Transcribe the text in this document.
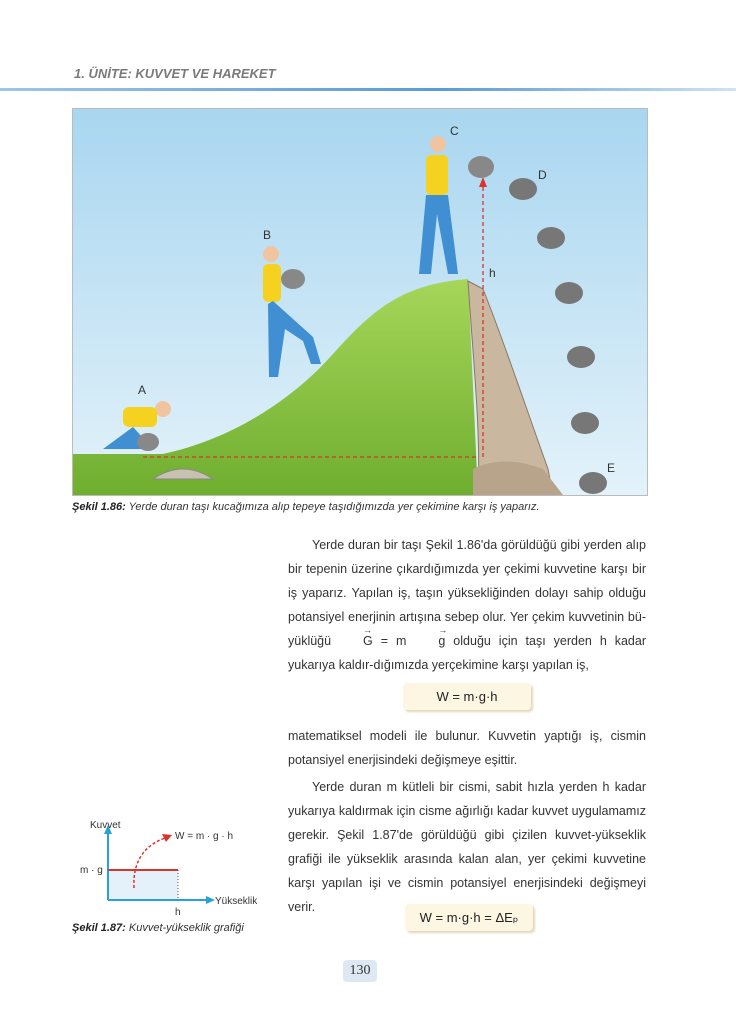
1. ÜNİTE: KUVVET VE HAREKET
A
B
C
D
E
h
Şekil 1.86: Yerde duran taşı kucağımıza alıp tepeye taşıdığımızda yer çekimine karşı iş yaparız.

Yerde duran bir taşı Şekil 1.86'da görüldüğü gibi yerden alıp bir tepenin üzerine çıkardığımızda yer çekimi kuvvetine karşı bir iş yaparız. Yapılan iş, taşın yüksekliğinden dolayı sahip olduğu potansiyel enerjinin artışına sebep olur. Yer çekim kuvvetinin bü- yüklüğü → G = m → g olduğu için taşı yerden h kadar yukarıya kaldır-dığımızda yerçekimine karşı yapılan iş,

W = m·g·h

matematiksel modeli ile bulunur. Kuvvetin yaptığı iş, cismin potansiyel enerjisindeki değişmeye eşittir.

Yerde duran m kütleli bir cismi, sabit hızla yerden h kadar yukarıya kaldırmak için cisme ağırlığı kadar kuvvet uygulamamız gerekir. Şekil 1.87'de görüldüğü gibi çizilen kuvvet-yükseklik grafiği ile yükseklik arasında kalan alan, yer çekimi kuvvetine karşı yapılan işi ve cismin potansiyel enerjisindeki değişmeyi verir.

W = m·g·h = ΔEₚ
Kuvvet
Yükseklik
m · g
h
W = m · g · h
Şekil 1.87: Kuvvet-yükseklik grafiği
130
